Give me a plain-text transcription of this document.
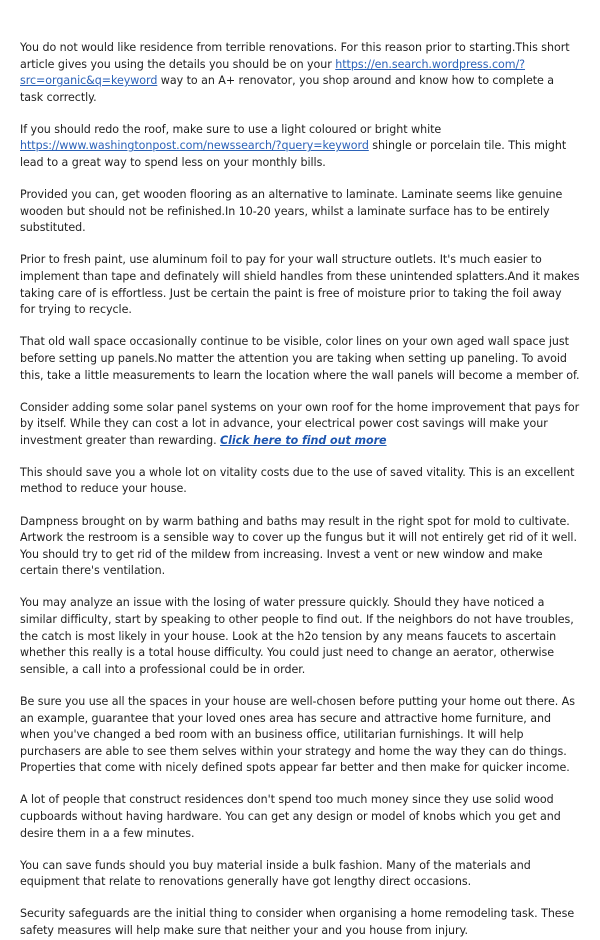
You do not would like residence from terrible renovations. For this reason prior to starting.This short article gives you using the details you should be on your https://en.search.wordpress.com/?src=organic&q=keyword way to an A+ renovator, you shop around and know how to complete a task correctly.

If you should redo the roof, make sure to use a light coloured or bright white https://www.washingtonpost.com/newssearch/?query=keyword shingle or porcelain tile. This might lead to a great way to spend less on your monthly bills.

Provided you can, get wooden flooring as an alternative to laminate. Laminate seems like genuine wooden but should not be refinished.In 10-20 years, whilst a laminate surface has to be entirely substituted.

Prior to fresh paint, use aluminum foil to pay for your wall structure outlets. It's much easier to implement than tape and definately will shield handles from these unintended splatters.And it makes taking care of is effortless. Just be certain the paint is free of moisture prior to taking the foil away for trying to recycle.

That old wall space occasionally continue to be visible, color lines on your own aged wall space just before setting up panels.No matter the attention you are taking when setting up paneling. To avoid this, take a little measurements to learn the location where the wall panels will become a member of.

Consider adding some solar panel systems on your own roof for the home improvement that pays for by itself. While they can cost a lot in advance, your electrical power cost savings will make your investment greater than rewarding. Click here to find out more

This should save you a whole lot on vitality costs due to the use of saved vitality. This is an excellent method to reduce your house.

Dampness brought on by warm bathing and baths may result in the right spot for mold to cultivate. Artwork the restroom is a sensible way to cover up the fungus but it will not entirely get rid of it well. You should try to get rid of the mildew from increasing. Invest a vent or new window and make certain there's ventilation.

You may analyze an issue with the losing of water pressure quickly. Should they have noticed a similar difficulty, start by speaking to other people to find out. If the neighbors do not have troubles, the catch is most likely in your house. Look at the h2o tension by any means faucets to ascertain whether this really is a total house difficulty. You could just need to change an aerator, otherwise sensible, a call into a professional could be in order.

Be sure you use all the spaces in your house are well-chosen before putting your home out there. As an example, guarantee that your loved ones area has secure and attractive home furniture, and when you've changed a bed room with an business office, utilitarian furnishings. It will help purchasers are able to see them selves within your strategy and home the way they can do things. Properties that come with nicely defined spots appear far better and then make for quicker income.

A lot of people that construct residences don't spend too much money since they use solid wood cupboards without having hardware. You can get any design or model of knobs which you get and desire them in a a few minutes.

You can save funds should you buy material inside a bulk fashion. Many of the materials and equipment that relate to renovations generally have got lengthy direct occasions.

Security safeguards are the initial thing to consider when organising a home remodeling task. These safety measures will help make sure that neither your and you house from injury.
